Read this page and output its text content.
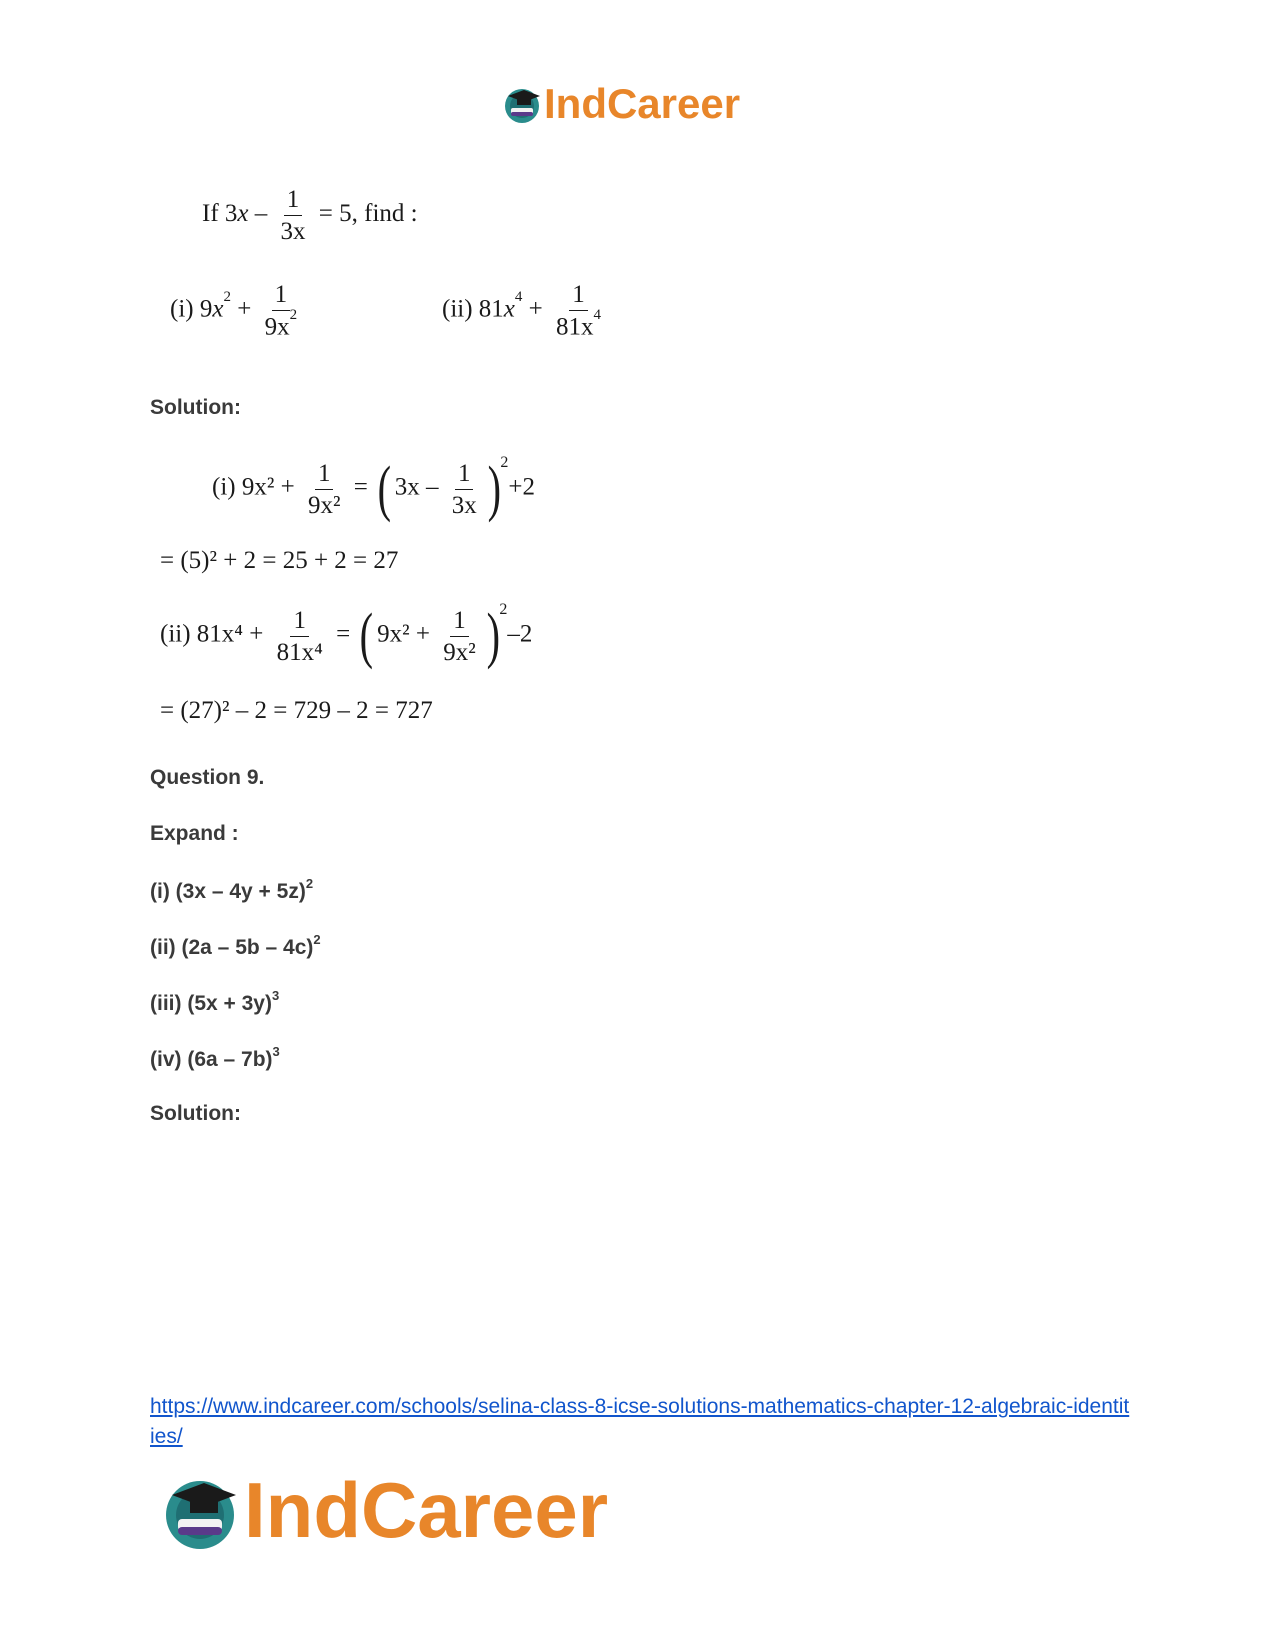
IndCareer
If $3x - \frac{1}{3x} = 5$, find :
(i) $9x^2 + \frac{1}{9x^2}$	(ii) $81x^4 + \frac{1}{81x^4}$
Solution:
(i) $9x^2 + \frac{1}{\text{9x²}}$ = ( $3x - \frac{1}{3x} )^2+2$
= (5)² + 2 = 25 + 2 = 27
(ii) $81x^4 + \frac{1}{\text{81x⁴}}$ = ( $9x^2 + \frac{1}{\text{9x²}} )^2-2$
= (27)² – 2 = 729 – 2 = 727
Question 9.
Expand :
(i) $(3x - 4y + 5z)^2$
(ii) (2a – 5b – 4c)$^2$
(iii) $(5x + 3y)^3$
(iv) (6a – 7b)$^3$
Solution:
https://www.indcareer.com/schools/selina-class-8-icse-solutions-mathematics-chapter-12-algebraic-identities/
IndCareer
